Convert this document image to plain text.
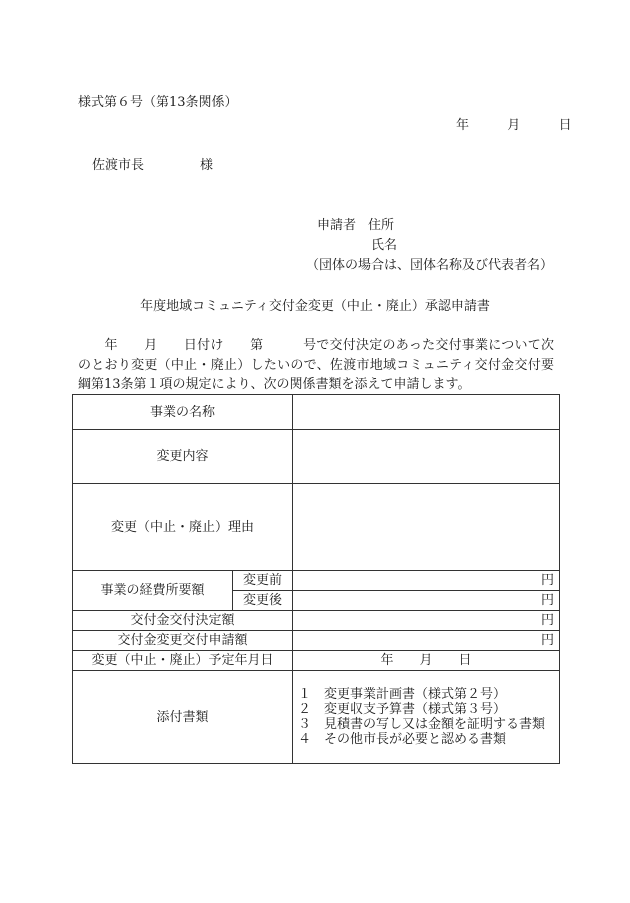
様式第６号（第13条関係）
年	月	日
佐渡市長	様
申請者 住所
氏名
（団体の場合は、団体名称及び代表者名）
年度地域コミュニティ交付金変更（中止・廃止）承認申請書
　　年　　月　　日付け　　第　　　号で交付決定のあった交付事業について次のとおり変更（中止・廃止）したいので、佐渡市地域コミュニティ交付金交付要綱第13条第１項の規定により、次の関係書類を添えて申請します。
事業の名称		
変更内容		
変更（中止・廃止）理由		
事業の経費所要額	変更前	円
	変更後	円
交付金交付決定額		円
交付金変更交付申請額		円
変更（中止・廃止）予定年月日		年　　月　　日
添付書類		１　変更事業計画書（様式第２号）
２　変更収支予算書（様式第３号）
３　見積書の写し又は金額を証明する書類
４　その他市長が必要と認める書類
